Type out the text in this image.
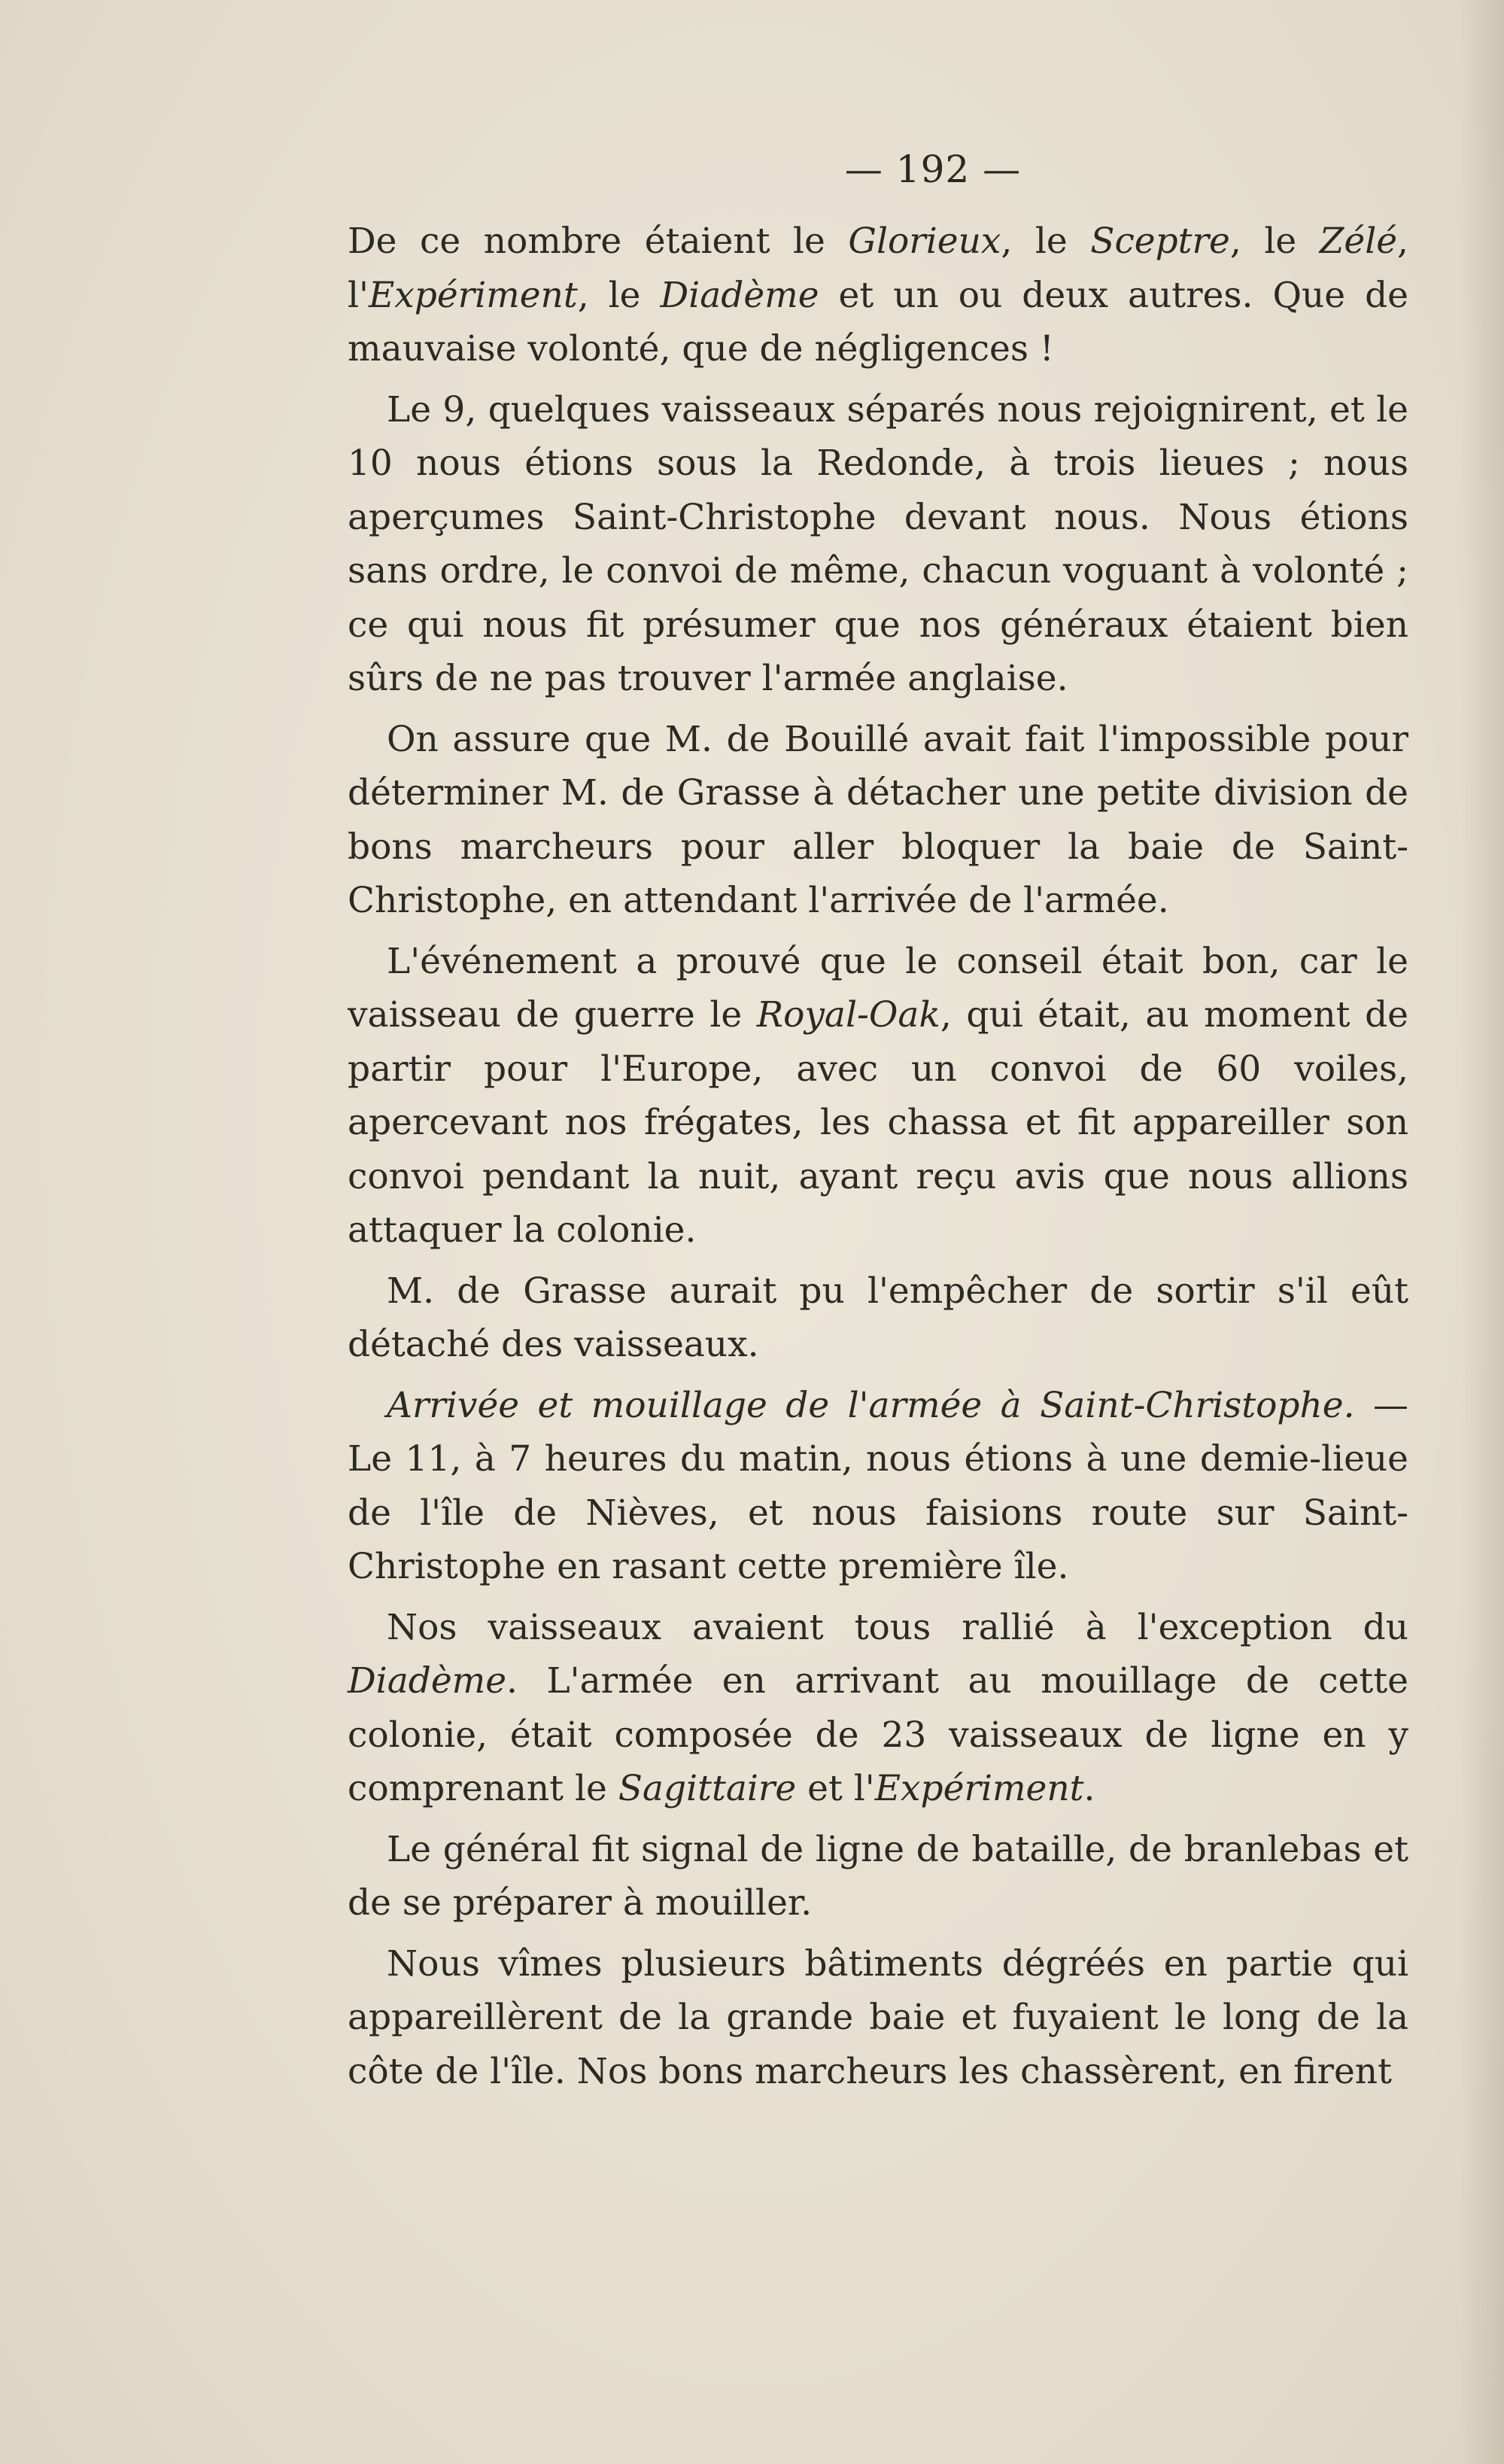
— 192 —

De ce nombre étaient le Glorieux, le Sceptre, le Zélé, l'Expériment, le Diadème et un ou deux autres. Que de mauvaise volonté, que de négligences !

Le 9, quelques vaisseaux séparés nous rejoignirent, et le 10 nous étions sous la Redonde, à trois lieues ; nous aperçumes Saint-Christophe devant nous. Nous étions sans ordre, le convoi de même, chacun voguant à volonté ; ce qui nous fit présumer que nos généraux étaient bien sûrs de ne pas trouver l'armée anglaise.

On assure que M. de Bouillé avait fait l'impossible pour déterminer M. de Grasse à détacher une petite division de bons marcheurs pour aller bloquer la baie de Saint-Christophe, en attendant l'arrivée de l'armée.

L'événement a prouvé que le conseil était bon, car le vaisseau de guerre le Royal-Oak, qui était, au moment de partir pour l'Europe, avec un convoi de 60 voiles, apercevant nos frégates, les chassa et fit appareiller son convoi pendant la nuit, ayant reçu avis que nous allions attaquer la colonie.

M. de Grasse aurait pu l'empêcher de sortir s'il eût détaché des vaisseaux.

Arrivée et mouillage de l'armée à Saint-Christophe. — Le 11, à 7 heures du matin, nous étions à une demie-lieue de l'île de Nièves, et nous faisions route sur Saint-Christophe en rasant cette première île.

Nos vaisseaux avaient tous rallié à l'exception du Diadème. L'armée en arrivant au mouillage de cette colonie, était composée de 23 vaisseaux de ligne en y comprenant le Sagittaire et l'Expériment.

Le général fit signal de ligne de bataille, de branlebas et de se préparer à mouiller.

Nous vîmes plusieurs bâtiments dégréés en partie qui appareillèrent de la grande baie et fuyaient le long de la côte de l'île. Nos bons marcheurs les chassèrent, en firent
